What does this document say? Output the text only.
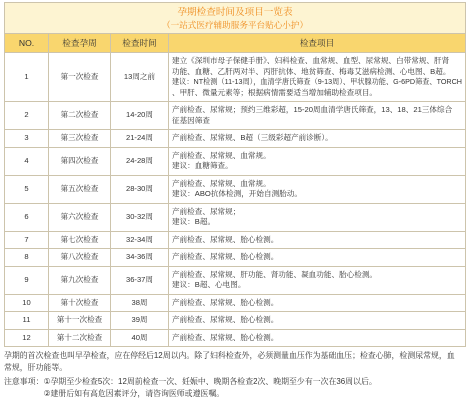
孕期检查时间及项目一览表
（一站式医疗辅助服务平台贴心小护）			

NO.	检查孕周	检查时间	检查项目
1	第一次检查	13周之前	建立《深圳市母子保健手册》、妇科检查、血常规、血型、尿常规、白带常规、肝肾
功能、血糖、乙肝两对半、丙肝抗体、地贫筛查、梅毒艾滋病检测、心电图、B超。
建议：NT检测（11-13周），血清学唐氏筛查（9-13周）、甲状腺功能、G-6PD筛查、TORCH
、甲肝、微量元素等；根据病情需要适当增加辅助检查项目。

2	第二次检查	14-20周	产前检查、尿常规；预约三维彩超，15-20周血清学唐氏筛查，13、18、21三体综合
征基因筛查

3	第三次检查	21-24周	产前检查、尿常规、B超（三级彩超产前诊断）。

4	第四次检查	24-28周	产前检查、尿常规、血常规。
建议：血糖筛查。

5	第五次检查	28-30周	产前检查、尿常规、血常规。
建议：ABO抗体检测，开始自测胎动。

6	第六次检查	30-32周	产前检查、尿常规；
建议：B超。

7	第七次检查	32-34周	产前检查、尿常规、胎心检测。

8	第八次检查	34-36周	产前检查、尿常规、胎心检测。

9	第九次检查	36-37周	产前检查、尿常规、肝功能、肾功能、凝血功能、胎心检测。
建议：B超、心电图。

10	第十次检查	38周	产前检查、尿常规、胎心检测。

11	第十一次检查	39周	产前检查、尿常规、胎心检测。

12	第十二次检查	40周	产前检查、尿常规、胎心检测。
孕期的首次检查也叫早孕检查，应在停经后12周以内。除了妇科检查外，必须测量血压作为基础血压；检查心肺，检测尿常规，血
常规，肝功能等。
注意事项： ①孕期至少检查5次：12周前检查一次、妊娠中、晚期各检查2次、晚期至少有一次在36周以后。
②建册后如有高危因素评分，请咨询医师或遵医嘱。
